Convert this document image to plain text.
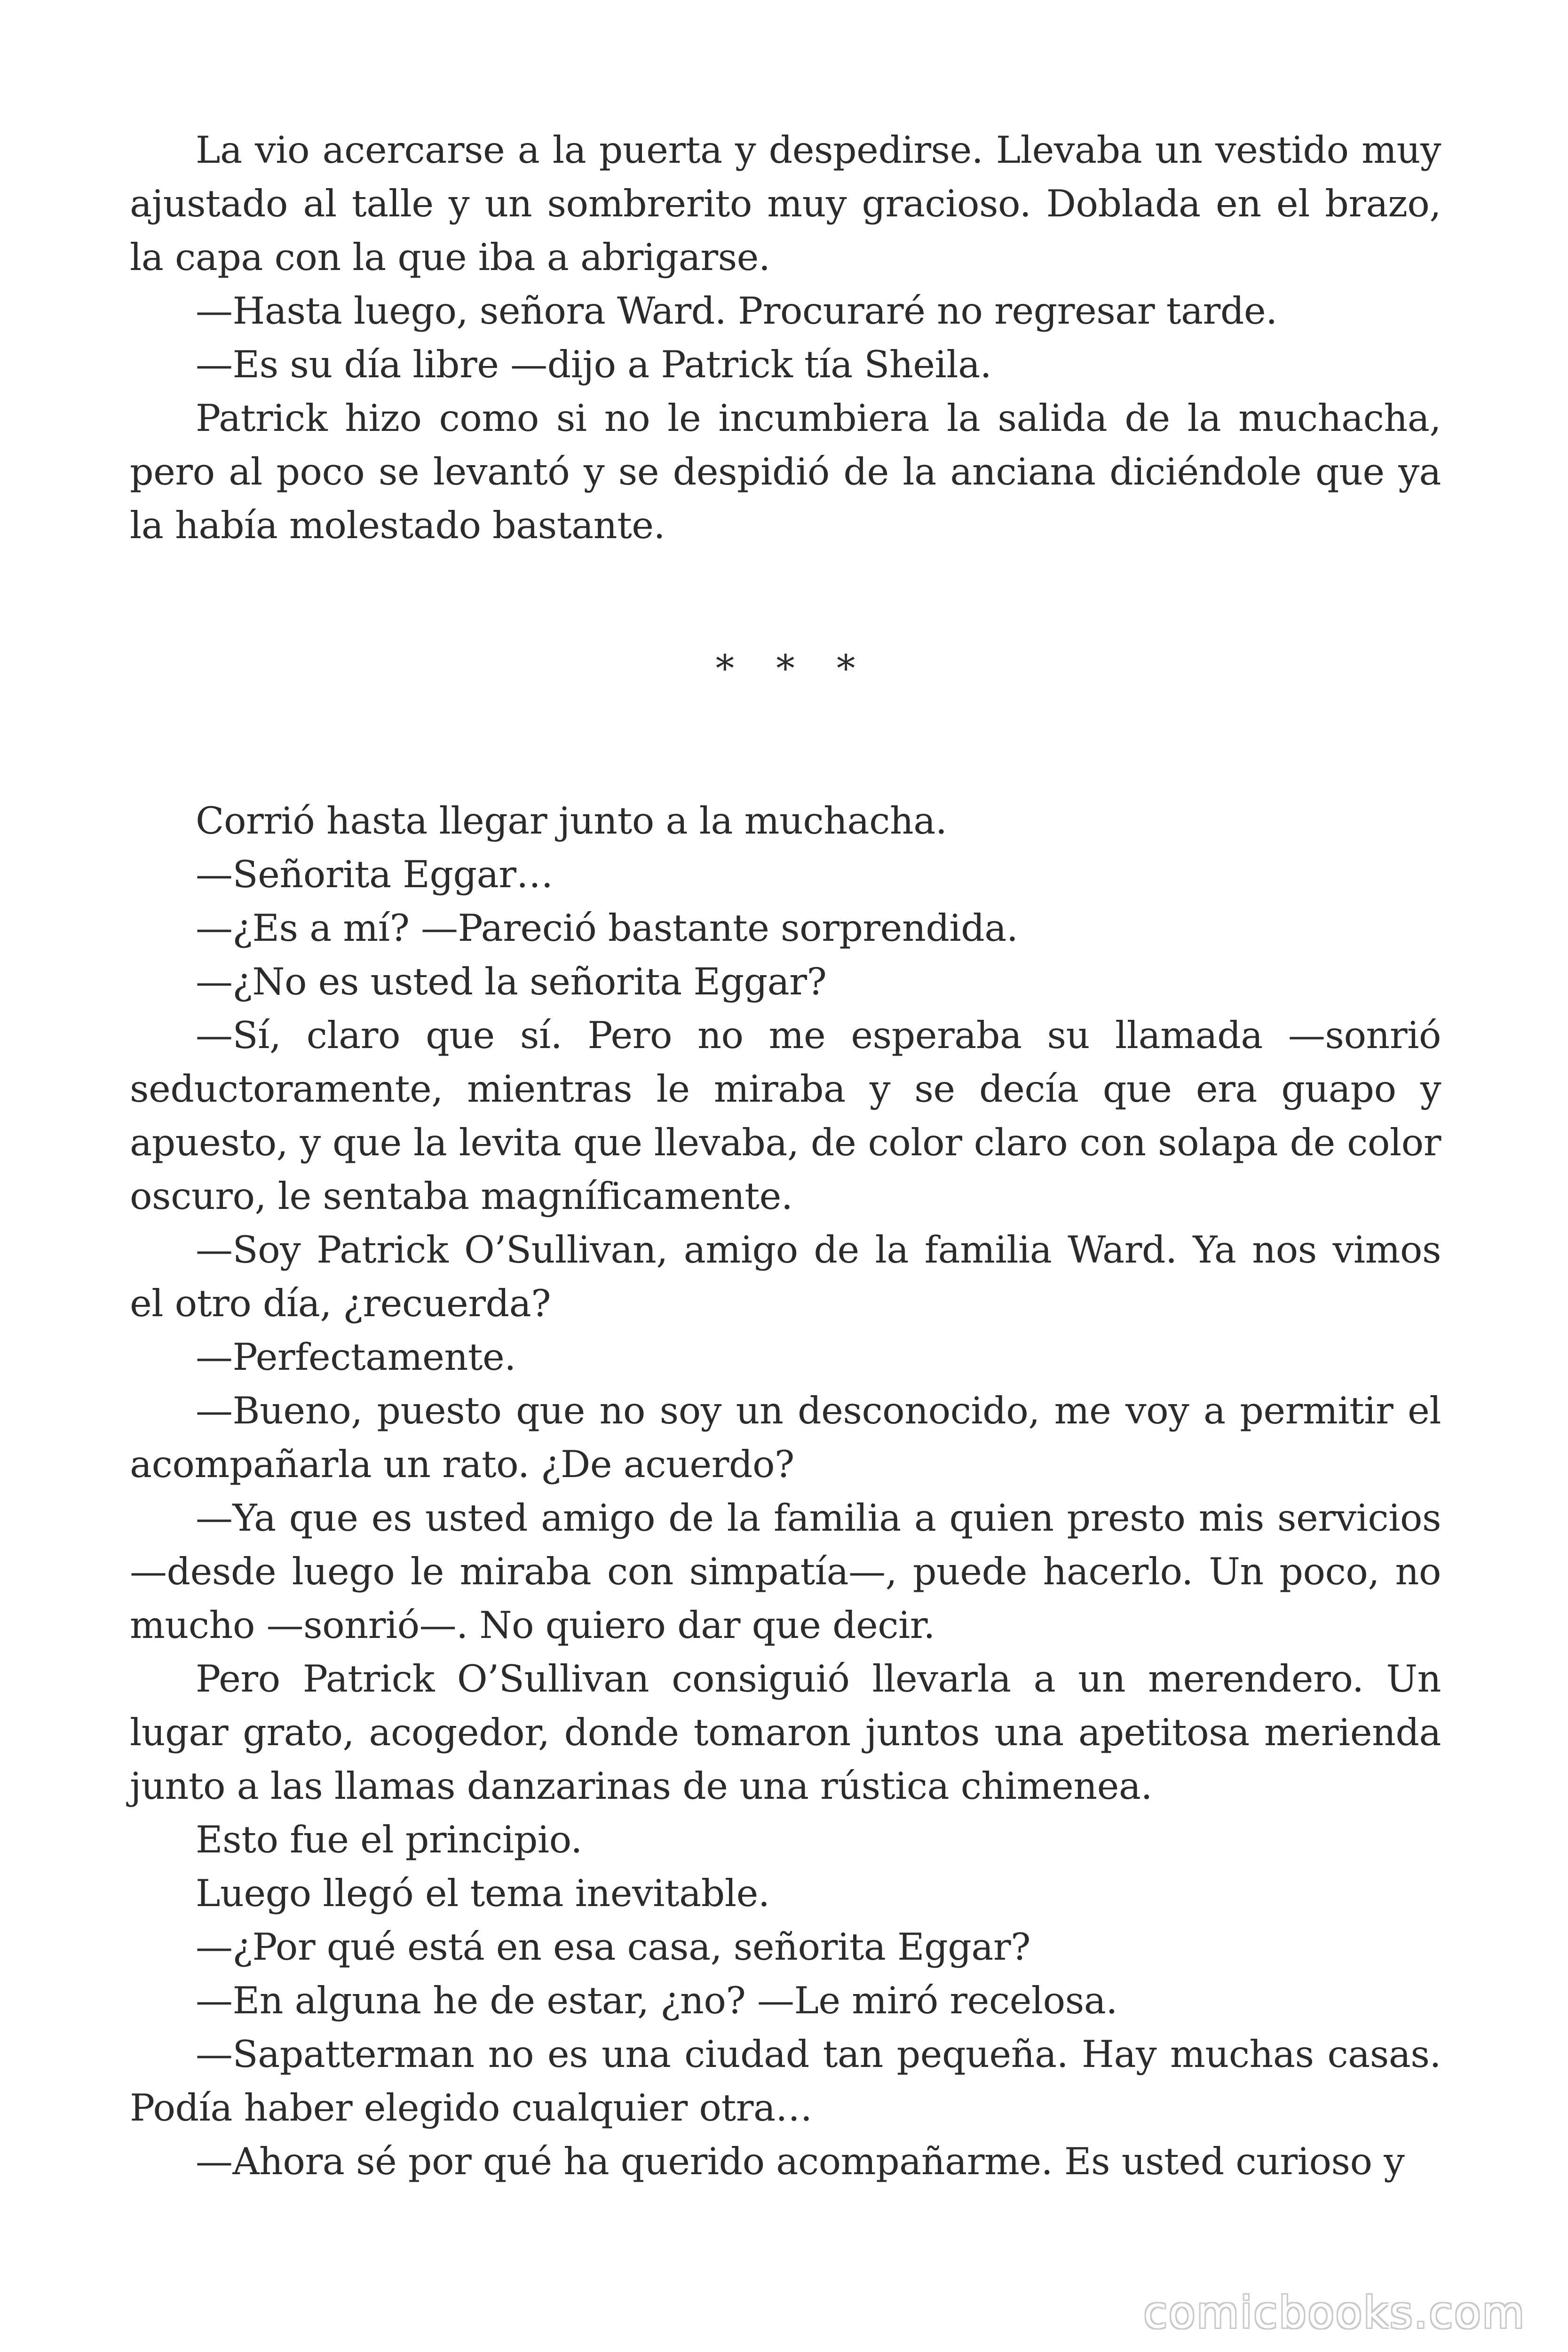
La vio acercarse a la puerta y despedirse. Llevaba un vestido muy ajustado al talle y un sombrerito muy gracioso. Doblada en el brazo, la capa con la que iba a abrigarse.

—Hasta luego, señora Ward. Procuraré no regresar tarde.

—Es su día libre —dijo a Patrick tía Sheila.

Patrick hizo como si no le incumbiera la salida de la muchacha, pero al poco se levantó y se despidió de la anciana diciéndole que ya la había molestado bastante.

* * *

Corrió hasta llegar junto a la muchacha.

—Señorita Eggar…

—¿Es a mí? —Pareció bastante sorprendida.

—¿No es usted la señorita Eggar?

—Sí, claro que sí. Pero no me esperaba su llamada —sonrió seductoramente, mientras le miraba y se decía que era guapo y apuesto, y que la levita que llevaba, de color claro con solapa de color oscuro, le sentaba magníficamente.

—Soy Patrick O’Sullivan, amigo de la familia Ward. Ya nos vimos el otro día, ¿recuerda?

—Perfectamente.

—Bueno, puesto que no soy un desconocido, me voy a permitir el acompañarla un rato. ¿De acuerdo?

—Ya que es usted amigo de la familia a quien presto mis servicios —desde luego le miraba con simpatía—, puede hacerlo. Un poco, no mucho —sonrió—. No quiero dar que decir.

Pero Patrick O’Sullivan consiguió llevarla a un merendero. Un lugar grato, acogedor, donde tomaron juntos una apetitosa merienda junto a las llamas danzarinas de una rústica chimenea.

Esto fue el principio.

Luego llegó el tema inevitable.

—¿Por qué está en esa casa, señorita Eggar?

—En alguna he de estar, ¿no? —Le miró recelosa.

—Sapatterman no es una ciudad tan pequeña. Hay muchas casas. Podía haber elegido cualquier otra…

—Ahora sé por qué ha querido acompañarme. Es usted curioso y

comicbooks.com
